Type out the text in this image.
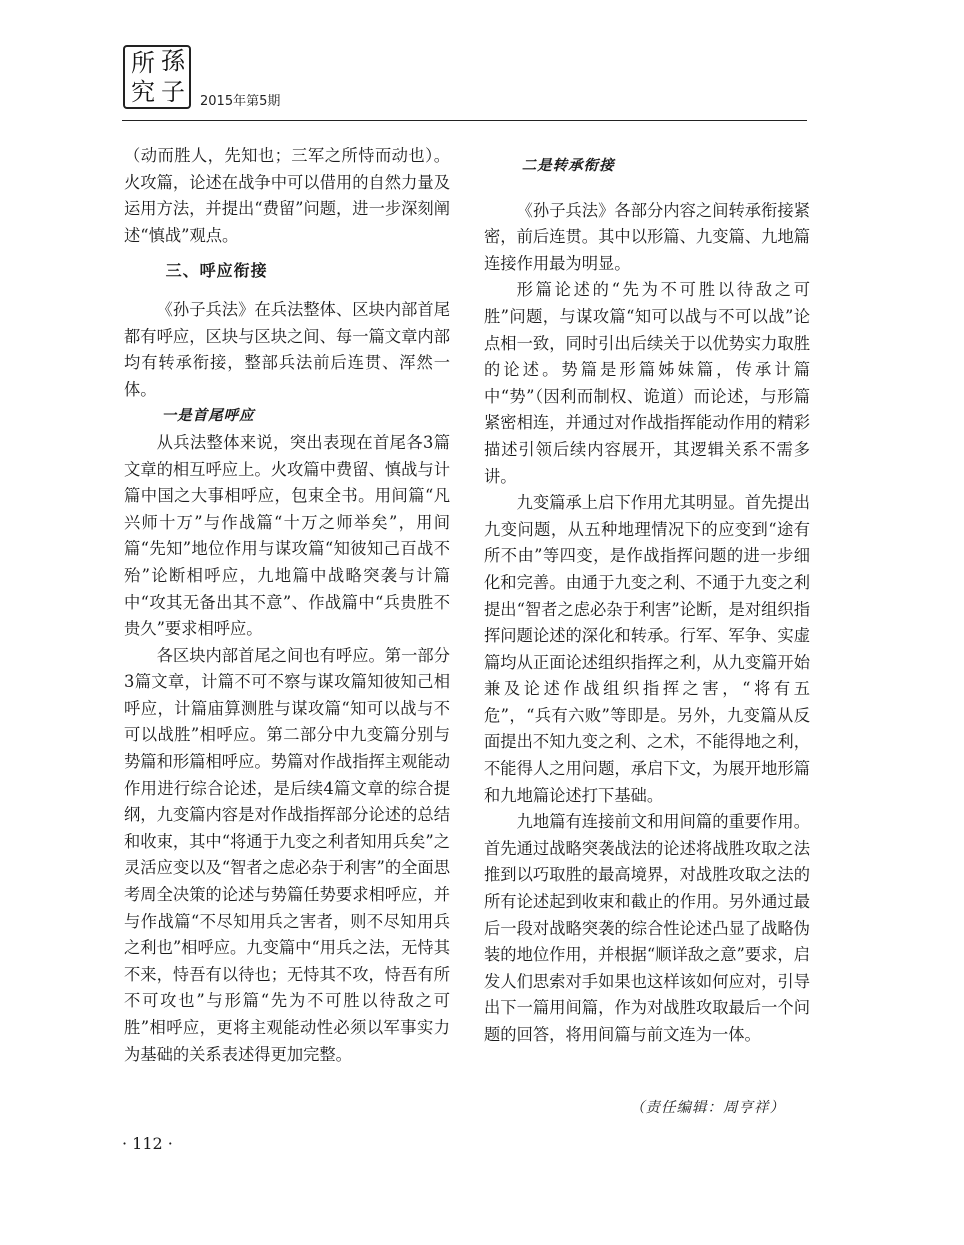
所 孫
究 子 2015年第5期

（动而胜人，先知也；三军之所恃而动也）。火攻篇，论述在战争中可以借用的自然力量及运用方法，并提出“费留”问题，进一步深刻阐述“慎战”观点。

三、呼应衔接

《孙子兵法》在兵法整体、区块内部首尾都有呼应，区块与区块之间、每一篇文章内部均有转承衔接，整部兵法前后连贯、浑然一体。

一是首尾呼应

从兵法整体来说，突出表现在首尾各3篇文章的相互呼应上。火攻篇中费留、慎战与计篇中国之大事相呼应，包束全书。用间篇“凡兴师十万”与作战篇“十万之师举矣”，用间篇“先知”地位作用与谋攻篇“知彼知己百战不殆”论断相呼应，九地篇中战略突袭与计篇中“攻其无备出其不意”、作战篇中“兵贵胜不贵久”要求相呼应。

各区块内部首尾之间也有呼应。第一部分3篇文章，计篇不可不察与谋攻篇知彼知己相呼应，计篇庙算测胜与谋攻篇“知可以战与不可以战胜”相呼应。第二部分中九变篇分别与势篇和形篇相呼应。势篇对作战指挥主观能动作用进行综合论述，是后续4篇文章的综合提纲，九变篇内容是对作战指挥部分论述的总结和收束，其中“将通于九变之利者知用兵矣”之灵活应变以及“智者之虑必杂于利害”的全面思考周全决策的论述与势篇任势要求相呼应，并与作战篇“不尽知用兵之害者，则不尽知用兵之利也”相呼应。九变篇中“用兵之法，无恃其不来，恃吾有以待也；无恃其不攻，恃吾有所不可攻也”与形篇“先为不可胜以待敌之可胜”相呼应，更将主观能动性必须以军事实力为基础的关系表述得更加完整。

二是转承衔接

《孙子兵法》各部分内容之间转承衔接紧密，前后连贯。其中以形篇、九变篇、九地篇连接作用最为明显。

形篇论述的“先为不可胜以待敌之可胜”问题，与谋攻篇“知可以战与不可以战”论点相一致，同时引出后续关于以优势实力取胜的论述。势篇是形篇姊妹篇，传承计篇中“势”（因利而制权、诡道）而论述，与形篇紧密相连，并通过对作战指挥能动作用的精彩描述引领后续内容展开，其逻辑关系不需多讲。

九变篇承上启下作用尤其明显。首先提出九变问题，从五种地理情况下的应变到“途有所不由”等四变，是作战指挥问题的进一步细化和完善。由通于九变之利、不通于九变之利提出“智者之虑必杂于利害”论断，是对组织指挥问题论述的深化和转承。行军、军争、实虚篇均从正面论述组织指挥之利，从九变篇开始兼及论述作战组织指挥之害，“将有五危”，“兵有六败”等即是。另外，九变篇从反面提出不知九变之利、之术，不能得地之利，不能得人之用问题，承启下文，为展开地形篇和九地篇论述打下基础。

九地篇有连接前文和用间篇的重要作用。首先通过战略突袭战法的论述将战胜攻取之法推到以巧取胜的最高境界，对战胜攻取之法的所有论述起到收束和截止的作用。另外通过最后一段对战略突袭的综合性论述凸显了战略伪装的地位作用，并根据“顺详敌之意”要求，启发人们思索对手如果也这样该如何应对，引导出下一篇用间篇，作为对战胜攻取最后一个问题的回答，将用间篇与前文连为一体。

（责任编辑：周亨祥）
· 112 ·
